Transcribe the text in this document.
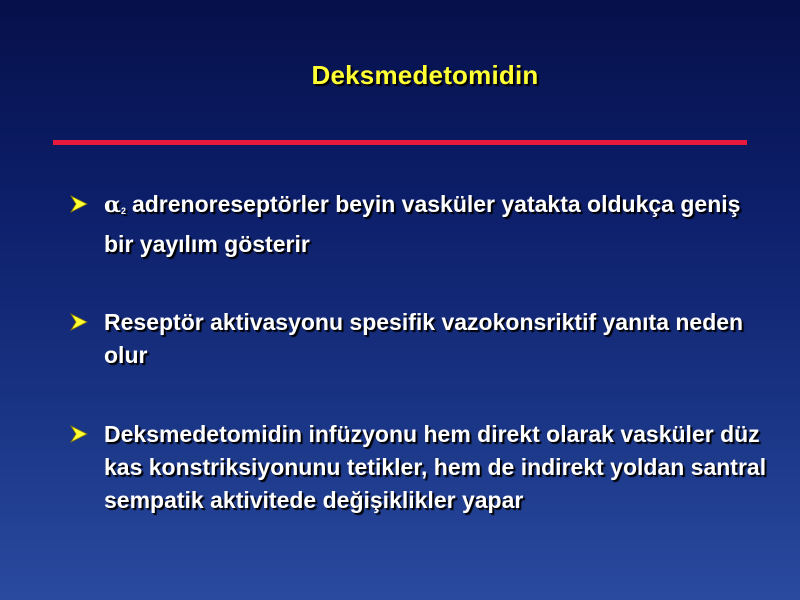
Deksmedetomidin
$\alpha_2$ adrenoreseptörler beyin vasküler yatakta oldukça geniş bir yayılım gösterir
Reseptör aktivasyonu spesifik vazokonsriktif yanıta neden olur
Deksmedetomidin infüzyonu hem direkt olarak vasküler düz kas konstriksiyonunu tetikler, hem de indirekt yoldan santral sempatik aktivitede değişiklikler yapar
